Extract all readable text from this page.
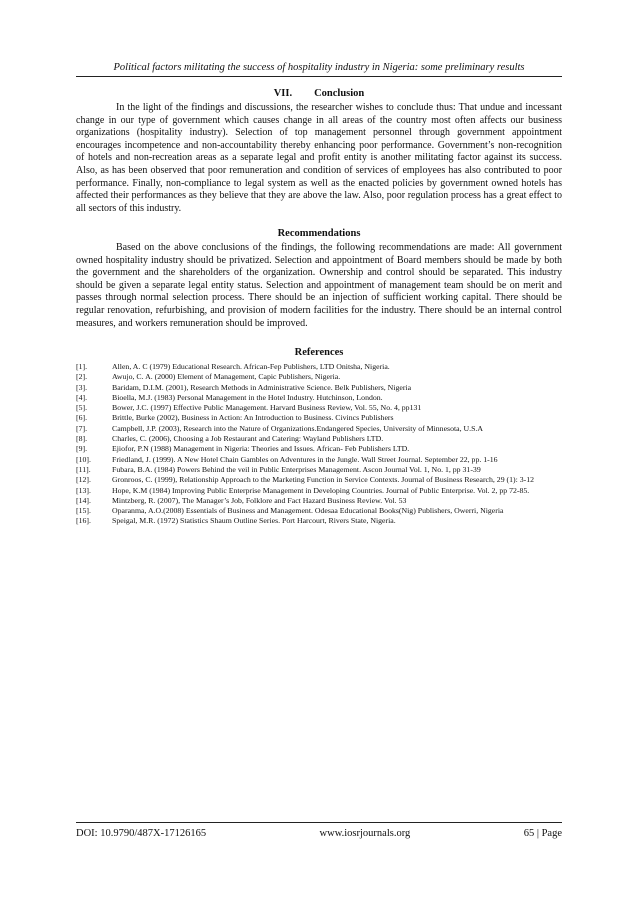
Political factors militating the success of hospitality industry in Nigeria: some preliminary results
VII. Conclusion

In the light of the findings and discussions, the researcher wishes to conclude thus: That undue and incessant change in our type of government which causes change in all areas of the country most often affects our business organizations (hospitality industry). Selection of top management personnel through government appointment encourages incompetence and non-accountability thereby enhancing poor performance. Government’s non-recognition of hotels and non-recreation areas as a separate legal and profit entity is another militating factor against its success. Also, as has been observed that poor remuneration and condition of services of employees has also contributed to poor performance. Finally, non-compliance to legal system as well as the enacted policies by government owned hotels has affected their performances as they believe that they are above the law. Also, poor regulation process has a great effect to all sectors of this industry.

Recommendations

Based on the above conclusions of the findings, the following recommendations are made: All government owned hospitality industry should be privatized. Selection and appointment of Board members should be made by both the government and the shareholders of the organization. Ownership and control should be separated. This industry should be given a separate legal entity status. Selection and appointment of management team should be on merit and passes through normal selection process. There should be an injection of sufficient working capital. There should be regular renovation, refurbishing, and provision of modern facilities for the industry. There should be an internal control measures, and workers remuneration should be improved.

References
[1].	Allen, A. C (1979) Educational Research. African-Fep Publishers, LTD Onitsha, Nigeria.
[2].	Awujo, C. A. (2000) Element of Management, Capic Publishers, Nigeria.
[3].	Baridam, D.I.M. (2001), Research Methods in Administrative Science. Belk Publishers, Nigeria
[4].	Bioella, M.J. (1983) Personal Management in the Hotel Industry. Hutchinson, London.
[5].	Bower, J.C. (1997) Effective Public Management. Harvard Business Review, Vol. 55, No. 4, pp131
[6].	Brittle, Burke (2002), Business in Action: An Introduction to Business. Civincs Publishers
[7].	Campbell, J.P. (2003), Research into the Nature of Organizations.Endangered Species, University of Minnesota, U.S.A
[8].	Charles, C. (2006), Choosing a Job Restaurant and Catering: Wayland Publishers LTD.
[9].	Ejiofor, P.N (1988) Management in Nigeria: Theories and Issues. African- Feb Publishers LTD.
[10].	Friedland, J. (1999). A New Hotel Chain Gambles on Adventures in the Jungle. Wall Street Journal. September 22, pp. 1-16
[11].	Fubara, B.A. (1984) Powers Behind the veil in Public Enterprises Management. Ascon Journal Vol. 1, No. 1, pp 31-39
[12].	Gronroos, C. (1999), Relationship Approach to the Marketing Function in Service Contexts. Journal of Business Research, 29 (1): 3-12
[13].	Hope, K.M (1984) Improving Public Enterprise Management in Developing Countries. Journal of Public Enterprise. Vol. 2, pp 72-85.
[14].	Mintzberg, R. (2007), The Manager’s Job, Folklore and Fact Hazard Business Review. Vol. 53
[15].	Oparanma, A.O.(2008) Essentials of Business and Management. Odesaa Educational Books(Nig) Publishers, Owerri, Nigeria
[16].	Speigal, M.R. (1972) Statistics Shaum Outline Series. Port Harcourt, Rivers State, Nigeria.
DOI: 10.9790/487X-17126165	www.iosrjournals.org	65 | Page
